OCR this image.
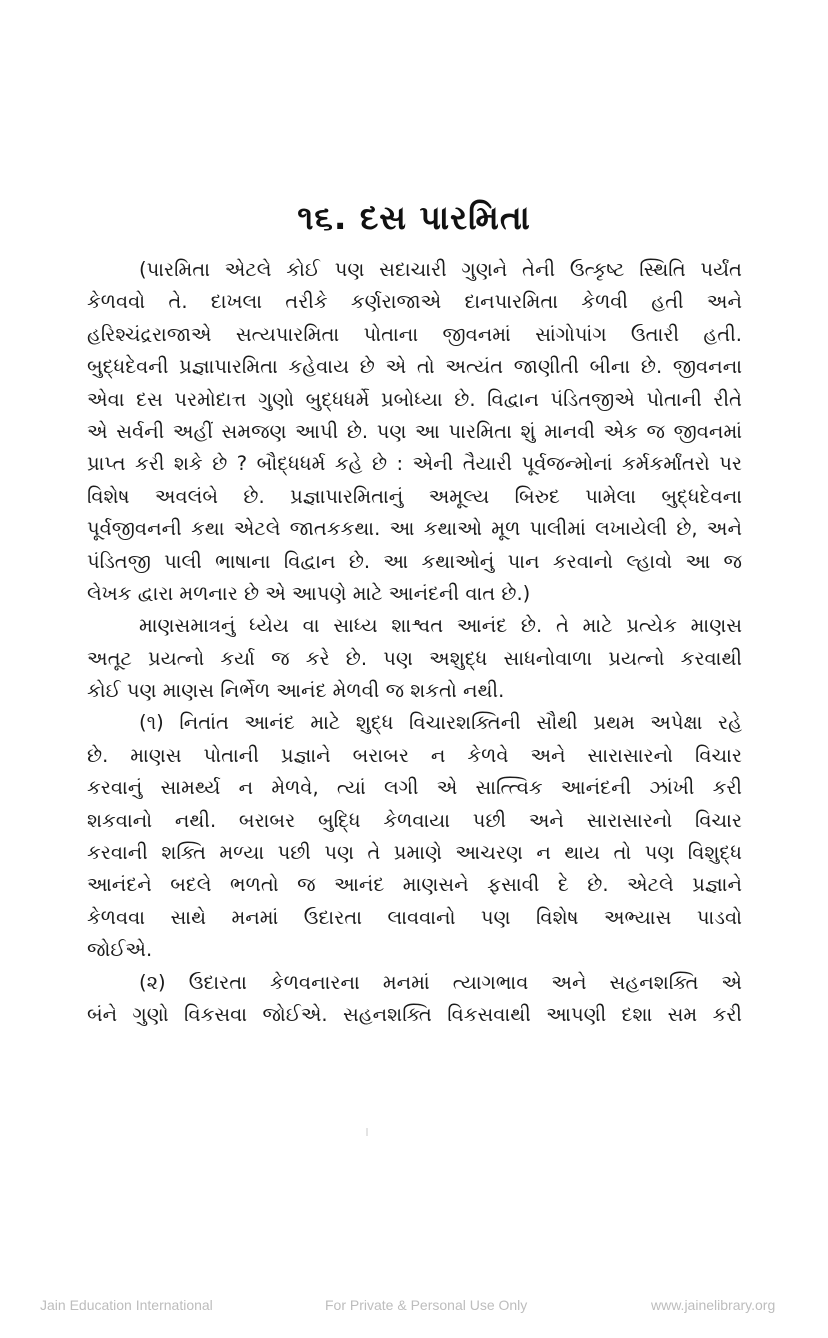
૧૬. દસ પારમિતા
(પારમિતા એટલે કોઈ પણ સદાચારી ગુણને તેની ઉત્કૃષ્ટ સ્થિતિ પર્યંત
કેળવવો તે. દાખલા તરીકે કર્ણરાજાએ દાનપારમિતા કેળવી હતી અને
હરિશ્ચંદ્રરાજાએ સત્યપારમિતા પોતાના જીવનમાં સાંગોપાંગ ઉતારી હતી.
બુદ્ધદેવની પ્રજ્ઞાપારમિતા કહેવાય છે એ તો અત્યંત જાણીતી બીના છે. જીવનના
એવા દસ પરમોદાત્ત ગુણો બુદ્ધધર્મે પ્રબોધ્યા છે. વિદ્વાન પંડિતજીએ પોતાની રીતે
એ સર્વની અહીં સમજણ આપી છે. પણ આ પારમિતા શું માનવી એક જ જીવનમાં
પ્રાપ્ત કરી શકે છે ? બૌદ્ધધર્મ કહે છે : એની તૈયારી પૂર્વજન્મોનાં કર્મકર્માંતરો પર
વિશેષ અવલંબે છે. પ્રજ્ઞાપારમિતાનું અમૂલ્ય બિરુદ પામેલા બુદ્ધદેવના
પૂર્વજીવનની કથા એટલે જાતકકથા. આ કથાઓ મૂળ પાલીમાં લખાયેલી છે, અને
પંડિતજી પાલી ભાષાના વિદ્વાન છે. આ કથાઓનું પાન કરવાનો લ્હાવો આ જ
લેખક દ્વારા મળનાર છે એ આપણે માટે આનંદની વાત છે.)
માણસમાત્રનું ધ્યેય વા સાધ્ય શાશ્વત આનંદ છે. તે માટે પ્રત્યેક માણસ
અતૂટ પ્રયત્નો કર્યા જ કરે છે. પણ અશુદ્ધ સાધનોવાળા પ્રયત્નો કરવાથી
કોઈ પણ માણસ નિર્ભેળ આનંદ મેળવી જ શકતો નથી.
(૧) નિતાંત આનંદ માટે શુદ્ધ વિચારશક્તિની સૌથી પ્રથમ અપેક્ષા રહે
છે. માણસ પોતાની પ્રજ્ઞાને બરાબર ન કેળવે અને સારાસારનો વિચાર
કરવાનું સામર્થ્ય ન મેળવે, ત્યાં લગી એ સાત્ત્વિક આનંદની ઝાંખી કરી
શકવાનો નથી. બરાબર બુદ્ધિ કેળવાયા પછી અને સારાસારનો વિચાર
કરવાની શક્તિ મળ્યા પછી પણ તે પ્રમાણે આચરણ ન થાય તો પણ વિશુદ્ધ
આનંદને બદલે ભળતો જ આનંદ માણસને ફસાવી દે છે. એટલે પ્રજ્ઞાને
કેળવવા સાથે મનમાં ઉદારતા લાવવાનો પણ વિશેષ અભ્યાસ પાડવો
જોઈએ.
(૨) ઉદારતા કેળવનારના મનમાં ત્યાગભાવ અને સહનશક્તિ એ
બંને ગુણો વિકસવા જોઈએ. સહનશક્તિ વિકસવાથી આપણી દશા સમ કરી
Jain Education International	For Private & Personal Use Only	www.jainelibrary.org
